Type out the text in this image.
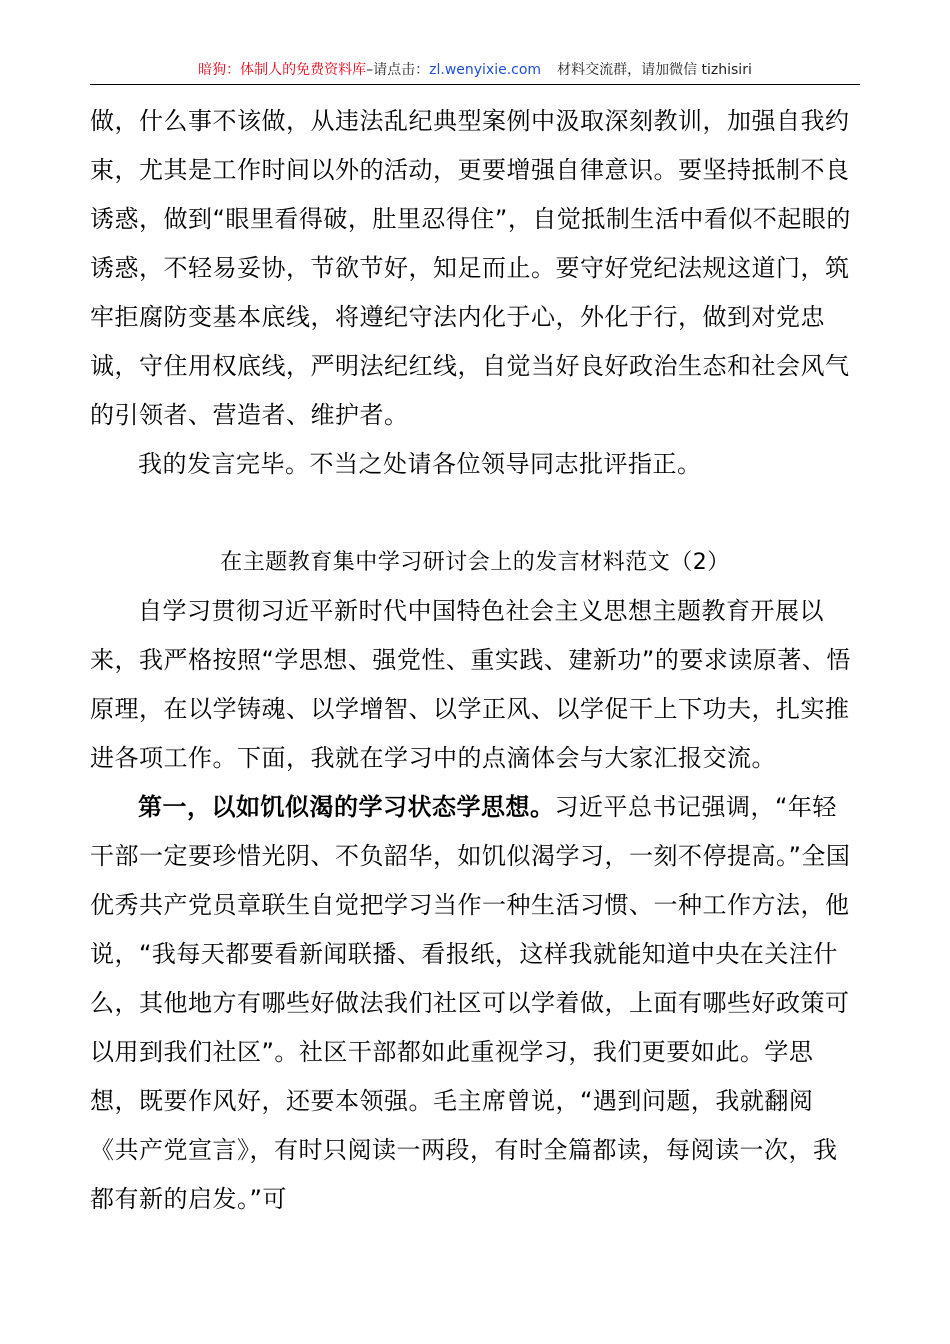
暗狗：体制人的免费资料库–请点击：zl.wenyixie.com 材料交流群，请加微信 tizhisiri

做，什么事不该做，从违法乱纪典型案例中汲取深刻教训，加强自我约束，尤其是工作时间以外的活动，更要增强自律意识。要坚持抵制不良诱惑，做到“眼里看得破，肚里忍得住”，自觉抵制生活中看似不起眼的诱惑，不轻易妥协，节欲节好，知足而止。要守好党纪法规这道门，筑牢拒腐防变基本底线，将遵纪守法内化于心，外化于行，做到对党忠诚，守住用权底线，严明法纪红线，自觉当好良好政治生态和社会风气的引领者、营造者、维护者。

我的发言完毕。不当之处请各位领导同志批评指正。

在主题教育集中学习研讨会上的发言材料范文（2）

自学习贯彻习近平新时代中国特色社会主义思想主题教育开展以来，我严格按照“学思想、强党性、重实践、建新功”的要求读原著、悟原理，在以学铸魂、以学增智、以学正风、以学促干上下功夫，扎实推进各项工作。下面，我就在学习中的点滴体会与大家汇报交流。

第一，以如饥似渴的学习状态学思想。习近平总书记强调，“年轻干部一定要珍惜光阴、不负韶华，如饥似渴学习，一刻不停提高。”全国优秀共产党员章联生自觉把学习当作一种生活习惯、一种工作方法，他说，“我每天都要看新闻联播、看报纸，这样我就能知道中央在关注什么，其他地方有哪些好做法我们社区可以学着做，上面有哪些好政策可以用到我们社区”。社区干部都如此重视学习，我们更要如此。学思想，既要作风好，还要本领强。毛主席曾说，“遇到问题，我就翻阅《共产党宣言》，有时只阅读一两段，有时全篇都读，每阅读一次，我都有新的启发。”可
